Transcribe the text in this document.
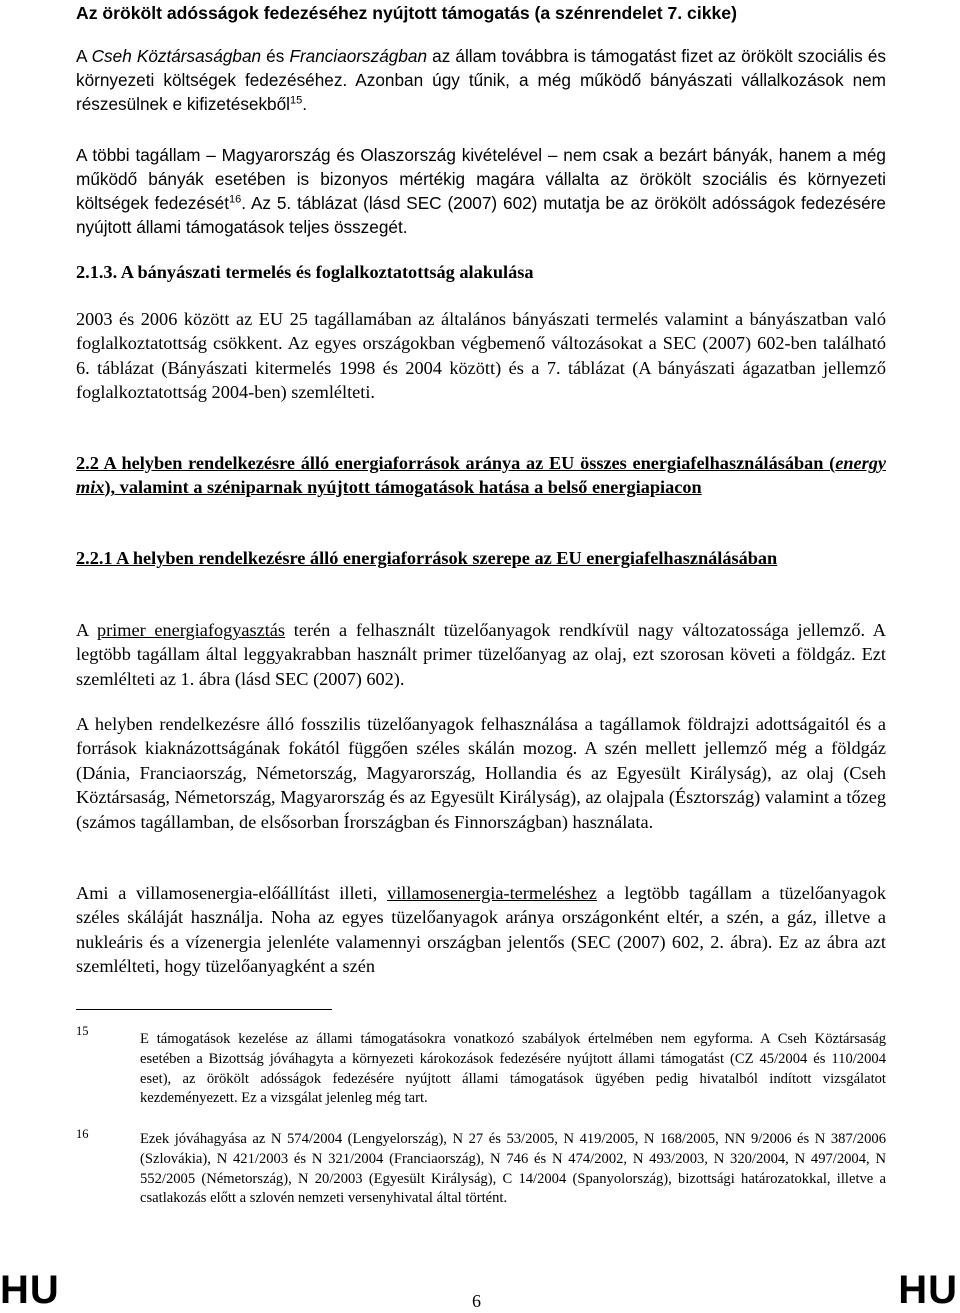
Az örökölt adósságok fedezéséhez nyújtott támogatás (a szénrendelet 7. cikke)
A Cseh Köztársaságban és Franciaországban az állam továbbra is támogatást fizet az örökölt szociális és környezeti költségek fedezéséhez. Azonban úgy tűnik, a még működő bányászati vállalkozások nem részesülnek e kifizetésekből$^{15}$.
A többi tagállam – Magyarország és Olaszország kivételével – nem csak a bezárt bányák, hanem a még működő bányák esetében is bizonyos mértékig magára vállalta az örökölt szociális és környezeti költségek fedezését$^{16}$. Az 5. táblázat (lásd SEC (2007) 602) mutatja be az örökölt adósságok fedezésére nyújtott állami támogatások teljes összegét.
2.1.3. A bányászati termelés és foglalkoztatottság alakulása
2003 és 2006 között az EU 25 tagállamában az általános bányászati termelés valamint a bányászatban való foglalkoztatottság csökkent. Az egyes országokban végbemenő változásokat a SEC (2007) 602-ben található 6. táblázat (Bányászati kitermelés 1998 és 2004 között) és a 7. táblázat (A bányászati ágazatban jellemző foglalkoztatottság 2004-ben) szemlélteti.
2.2 A helyben rendelkezésre álló energiaforrások aránya az EU összes energiafelhasználásában (energy mix), valamint a széniparnak nyújtott támogatások hatása a belső energiapiacon
2.2.1 A helyben rendelkezésre álló energiaforrások szerepe az EU energiafelhasználásában
A primer energiafogyasztás terén a felhasznált tüzelőanyagok rendkívül nagy változatossága jellemző. A legtöbb tagállam által leggyakrabban használt primer tüzelőanyag az olaj, ezt szorosan követi a földgáz. Ezt szemlélteti az 1. ábra (lásd SEC (2007) 602).
A helyben rendelkezésre álló fosszilis tüzelőanyagok felhasználása a tagállamok földrajzi adottságaitól és a források kiaknázottságának fokától függően széles skálán mozog. A szén mellett jellemző még a földgáz (Dánia, Franciaország, Németország, Magyarország, Hollandia és az Egyesült Királyság), az olaj (Cseh Köztársaság, Németország, Magyarország és az Egyesült Királyság), az olajpala (Észtország) valamint a tőzeg (számos tagállamban, de elsősorban Írországban és Finnországban) használata.
Ami a villamosenergia-előállítást illeti, villamosenergia-termeléshez a legtöbb tagállam a tüzelőanyagok széles skáláját használja. Noha az egyes tüzelőanyagok aránya országonként eltér, a szén, a gáz, illetve a nukleáris és a vízenergia jelenléte valamennyi országban jelentős (SEC (2007) 602, 2. ábra). Ez az ábra azt szemlélteti, hogy tüzelőanyagként a szén
15	E támogatások kezelése az állami támogatásokra vonatkozó szabályok értelmében nem egyforma. A Cseh Köztársaság esetében a Bizottság jóváhagyta a környezeti károkozások fedezésére nyújtott állami támogatást (CZ 45/2004 és 110/2004 eset), az örökölt adósságok fedezésére nyújtott állami támogatások ügyében pedig hivatalból indított vizsgálatot kezdeményezett. Ez a vizsgálat jelenleg még tart.
16	Ezek jóváhagyása az N 574/2004 (Lengyelország), N 27 és 53/2005, N 419/2005, N 168/2005, NN 9/2006 és N 387/2006 (Szlovákia), N 421/2003 és N 321/2004 (Franciaország), N 746 és N 474/2002, N 493/2003, N 320/2004, N 497/2004, N 552/2005 (Németország), N 20/2003 (Egyesült Királyság), C 14/2004 (Spanyolország), bizottsági határozatokkal, illetve a csatlakozás előtt a szlovén nemzeti versenyhivatal által történt.
HU	6	HU
